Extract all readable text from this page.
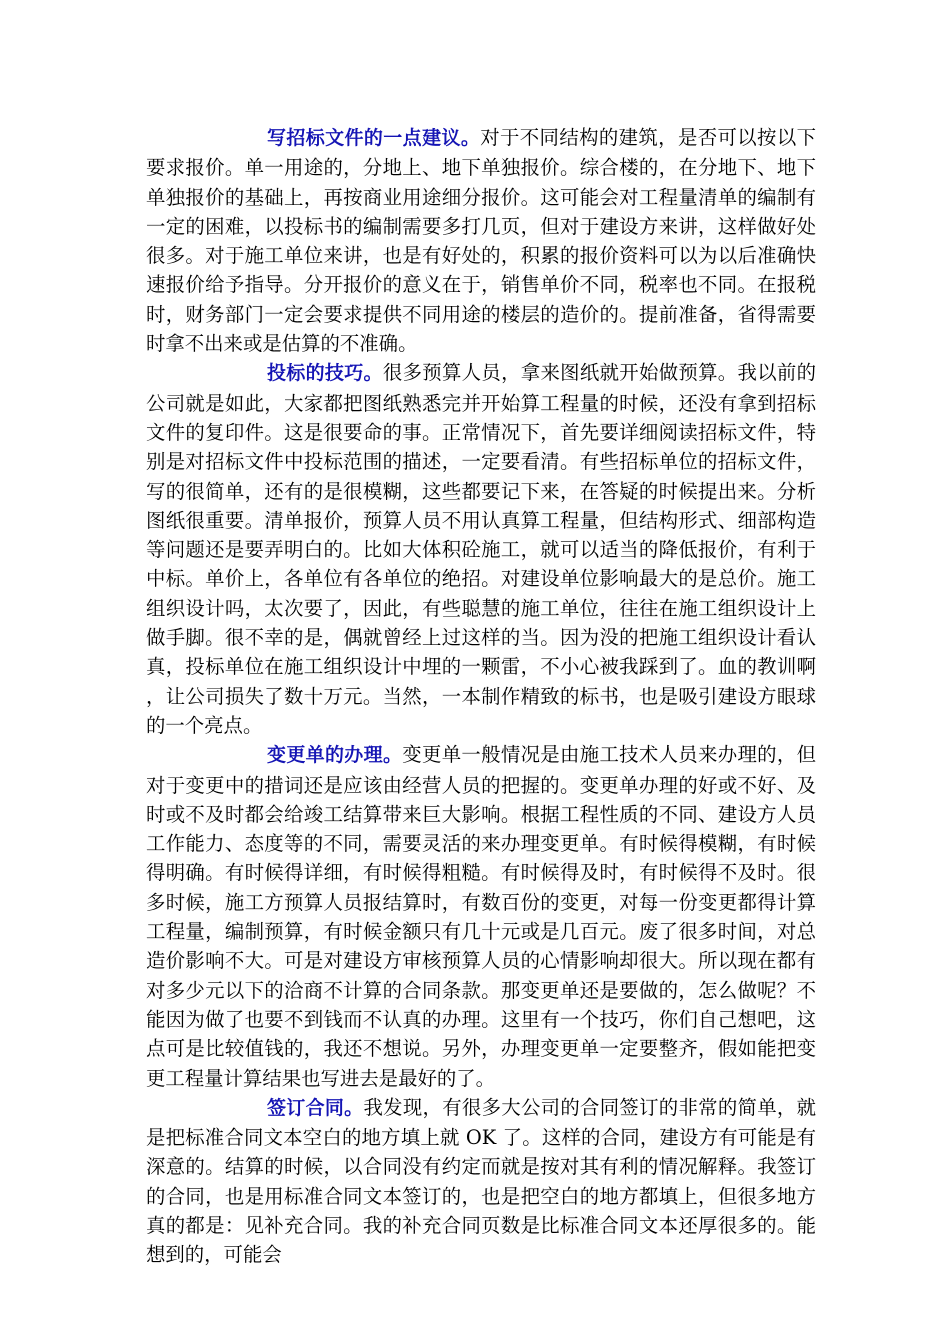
写招标文件的一点建议。对于不同结构的建筑，是否可以按以下要求报价。单一用途的，分地上、地下单独报价。综合楼的，在分地下、地下单独报价的基础上，再按商业用途细分报价。这可能会对工程量清单的编制有一定的困难，以投标书的编制需要多打几页，但对于建设方来讲，这样做好处很多。对于施工单位来讲，也是有好处的，积累的报价资料可以为以后准确快速报价给予指导。分开报价的意义在于，销售单价不同，税率也不同。在报税时，财务部门一定会要求提供不同用途的楼层的造价的。提前准备，省得需要时拿不出来或是估算的不准确。

投标的技巧。很多预算人员，拿来图纸就开始做预算。我以前的公司就是如此，大家都把图纸熟悉完并开始算工程量的时候，还没有拿到招标文件的复印件。这是很要命的事。正常情况下，首先要详细阅读招标文件，特别是对招标文件中投标范围的描述，一定要看清。有些招标单位的招标文件，写的很简单，还有的是很模糊，这些都要记下来，在答疑的时候提出来。分析图纸很重要。清单报价，预算人员不用认真算工程量，但结构形式、细部构造等问题还是要弄明白的。比如大体积砼施工，就可以适当的降低报价，有利于中标。单价上，各单位有各单位的绝招。对建设单位影响最大的是总价。施工组织设计吗，太次要了，因此，有些聪慧的施工单位，往往在施工组织设计上做手脚。很不幸的是，偶就曾经上过这样的当。因为没的把施工组织设计看认真，投标单位在施工组织设计中埋的一颗雷，不小心被我踩到了。血的教训啊，让公司损失了数十万元。当然，一本制作精致的标书，也是吸引建设方眼球的一个亮点。

变更单的办理。变更单一般情况是由施工技术人员来办理的，但对于变更中的措词还是应该由经营人员的把握的。变更单办理的好或不好、及时或不及时都会给竣工结算带来巨大影响。根据工程性质的不同、建设方人员工作能力、态度等的不同，需要灵活的来办理变更单。有时候得模糊，有时候得明确。有时候得详细，有时候得粗糙。有时候得及时，有时候得不及时。很多时候，施工方预算人员报结算时，有数百份的变更，对每一份变更都得计算工程量，编制预算，有时候金额只有几十元或是几百元。废了很多时间，对总造价影响不大。可是对建设方审核预算人员的心情影响却很大。所以现在都有对多少元以下的洽商不计算的合同条款。那变更单还是要做的，怎么做呢？不能因为做了也要不到钱而不认真的办理。这里有一个技巧，你们自己想吧，这点可是比较值钱的，我还不想说。另外，办理变更单一定要整齐，假如能把变更工程量计算结果也写进去是最好的了。

签订合同。我发现，有很多大公司的合同签订的非常的简单，就是把标准合同文本空白的地方填上就 OK 了。这样的合同，建设方有可能是有深意的。结算的时候，以合同没有约定而就是按对其有利的情况解释。我签订的合同，也是用标准合同文本签订的，也是把空白的地方都填上，但很多地方真的都是：见补充合同。我的补充合同页数是比标准合同文本还厚很多的。能想到的，可能会
